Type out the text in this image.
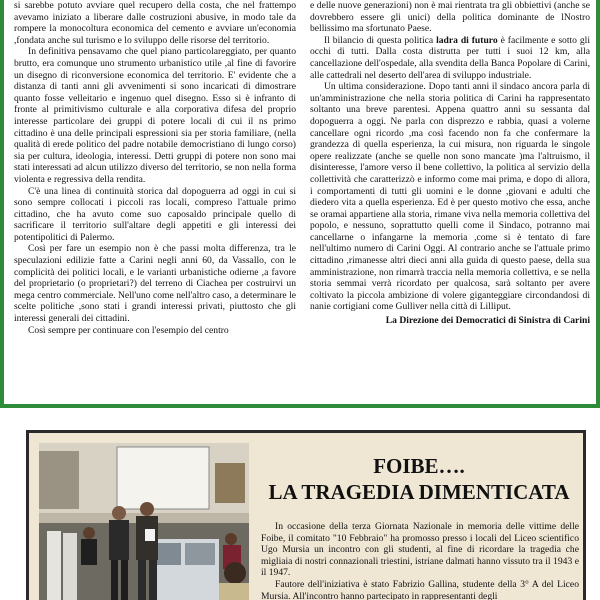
si sarebbe potuto avviare quel recupero della costa, che nel frattempo avevamo iniziato a liberare dalle costruzioni abusive, in modo tale da rompere la monocoltura economica del cemento e avviare un'economia ,fondata anche sul turismo e lo sviluppo delle risorse del territorio.

In definitiva pensavamo che quel piano particolareggiato, per quanto brutto, era comunque uno strumento urbanistico utile ,al fine di favorire un disegno di riconversione economica del territorio. E' evidente che a distanza di tanti anni gli avvenimenti si sono incaricati di dimostrare quanto fosse velleitario e ingenuo quel disegno. Esso si è infranto di fronte al primitivismo culturale e alla corporativa difesa del proprio interesse particolare dei gruppi di potere locali di cui il ns primo cittadino è una delle principali espressioni sia per storia familiare, (nella qualità di erede politico del padre notabile democristiano di lungo corso) sia per cultura, ideologia, interessi. Detti gruppi di potere non sono mai stati interessati ad alcun utilizzo diverso del territorio, se non nella forma violenta e regressiva della rendita.

C'è una linea di continuità storica dal dopoguerra ad oggi in cui si sono sempre collocati i piccoli ras locali, compreso l'attuale primo cittadino, che ha avuto come suo caposaldo principale quello di sacrificare il territorio sull'altare degli appetiti e gli interessi dei potentipolitici di Palermo.

Così per fare un esempio non è che passi molta differenza, tra le speculazioni edilizie fatte a Carini negli anni 60, da Vassallo, con le complicità dei politici locali, e le varianti urbanistiche odierne ,a favore del proprietario (o proprietari?) del terreno di Ciachea per costruirvi un mega centro commerciale. Nell'uno come nell'altro caso, a determinare le scelte politiche ,sono stati i grandi interessi privati, piuttosto che gli interessi generali dei cittadini.

Così sempre per continuare con l'esempio del centro

e delle nuove generazioni) non è mai rientrata tra gli obbiettivi (anche se dovrebbero essere gli unici) della politica dominante de lNostro bellissimo ma sfortunato Paese.

Il bilancio di questa politica ladra di futuro è facilmente e sotto gli occhi di tutti. Dalla costa distrutta per tutti i suoi 12 km, alla cancellazione dell'ospedale, alla svendita della Banca Popolare di Carini, alle cattedrali nel deserto dell'area di sviluppo industriale.

Un ultima considerazione. Dopo tanti anni il sindaco ancora parla di un'amministrazione che nella storia politica di Carini ha rappresentato soltanto una breve parentesi. Appena quattro anni su sessanta dal dopoguerra a oggi. Ne parla con disprezzo e rabbia, quasi a volerne cancellare ogni ricordo ,ma così facendo non fa che confermare la grandezza di quella esperienza, la cui misura, non riguarda le singole opere realizzate (anche se quelle non sono mancate )ma l'altruismo, il disinteresse, l'amore verso il bene collettivo, la politica al servizio della collettività che caratterizzò e informo come mai prima, e dopo di allora, i comportamenti di tutti gli uomini e le donne ,giovani e adulti che diedero vita a quella esperienza. Ed è per questo motivo che essa, anche se oramai appartiene alla storia, rimane viva nella memoria collettiva del popolo, e nessuno, soprattutto quelli come il Sindaco, potranno mai cancellarne o infangarne la memoria ,come si è tentato di fare nell'ultimo numero di Carini Oggi. Al contrario anche se l'attuale primo cittadino ,rimanesse altri dieci anni alla guida di questo paese, della sua amministrazione, non rimarrà traccia nella memoria collettiva, e se nella storia semmai verrà ricordato per qualcosa, sarà soltanto per avere coltivato la piccola ambizione di volere giganteggiare circondandosi di nanie cortigiani come Gulliver nella città di Lilliput.

La Direzione dei Democratici di Sinistra di Carini

FOIBE….
LA TRAGEDIA DIMENTICATA

In occasione della terza Giornata Nazionale in memoria delle vittime delle Foibe, il comitato "10 Febbraio" ha promosso presso i locali del Liceo scientifico Ugo Mursia un incontro con gli studenti, al fine di ricordare la tragedia che migliaia di nostri connazionali triestini, istriane dalmati hanno vissuto tra il 1943 e il 1947.

Fautore dell'iniziativa è stato Fabrizio Gallina, studente della 3° A del Liceo Mursia. All'incontro hanno partecipato in rappresentanti degli
